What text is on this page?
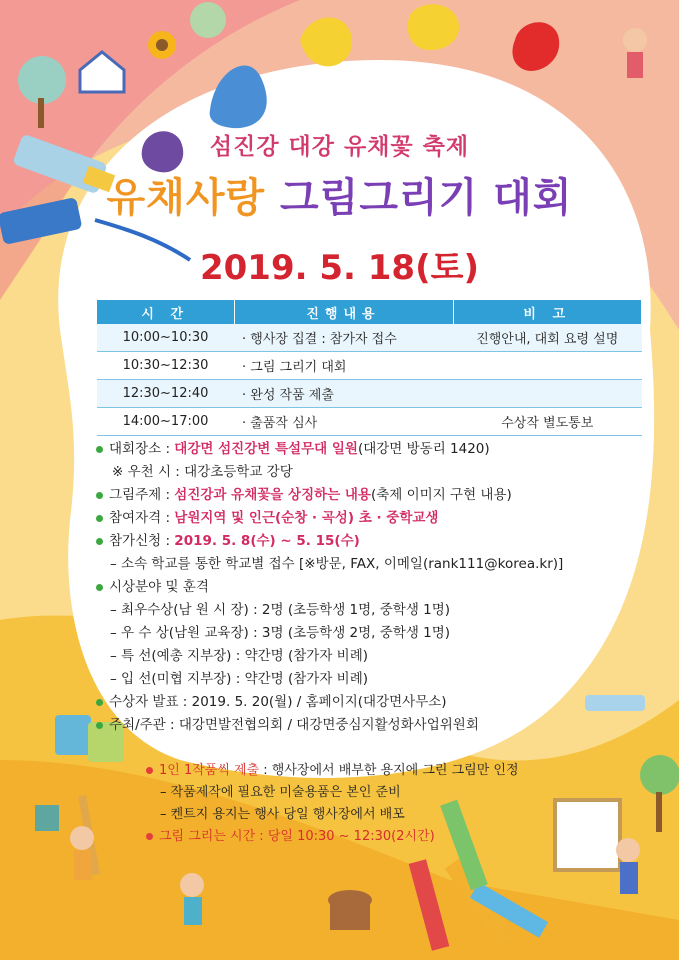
섬진강 대강 유채꽃 축제
유채사랑 그림그리기 대회
2019. 5. 18(토)
시 간	진행내용	비 고
10:00~10:30	· 행사장 집결 : 참가자 접수	진행안내, 대회 요령 설명
10:30~12:30	· 그림 그리기 대회	
12:30~12:40	· 완성 작품 제출	
14:00~17:00	· 출품작 심사	수상작 별도통보
대회장소 : 대강면 섬진강변 특설무대 일원(대강면 방동리 1420)
※ 우천 시 : 대강초등학교 강당
그림주제 : 섬진강과 유채꽃을 상징하는 내용(축제 이미지 구현 내용)
참여자격 : 남원지역 및 인근(순창 · 곡성) 초 · 중학교생
참가신청 : 2019. 5. 8(수) ~ 5. 15(수)
– 소속 학교를 통한 학교별 접수 [※방문, FAX, 이메일(rank111@korea.kr)]
시상분야 및 훈격
– 최우수상(남 원 시 장) : 2명 (초등학생 1명, 중학생 1명)
– 우 수 상(남원 교육장) : 3명 (초등학생 2명, 중학생 1명)
– 특 선(예총 지부장) : 약간명 (참가자 비례)
– 입 선(미협 지부장) : 약간명 (참가자 비례)
수상자 발표 : 2019. 5. 20(월) / 홈페이지(대강면사무소)
주최/주관 : 대강면발전협의회 / 대강면중심지활성화사업위원회
1인 1작품씩 제출 : 행사장에서 배부한 용지에 그린 그림만 인정
– 작품제작에 필요한 미술용품은 본인 준비
– 켄트지 용지는 행사 당일 행사장에서 배포
그림 그리는 시간 : 당일 10:30 ~ 12:30(2시간)
